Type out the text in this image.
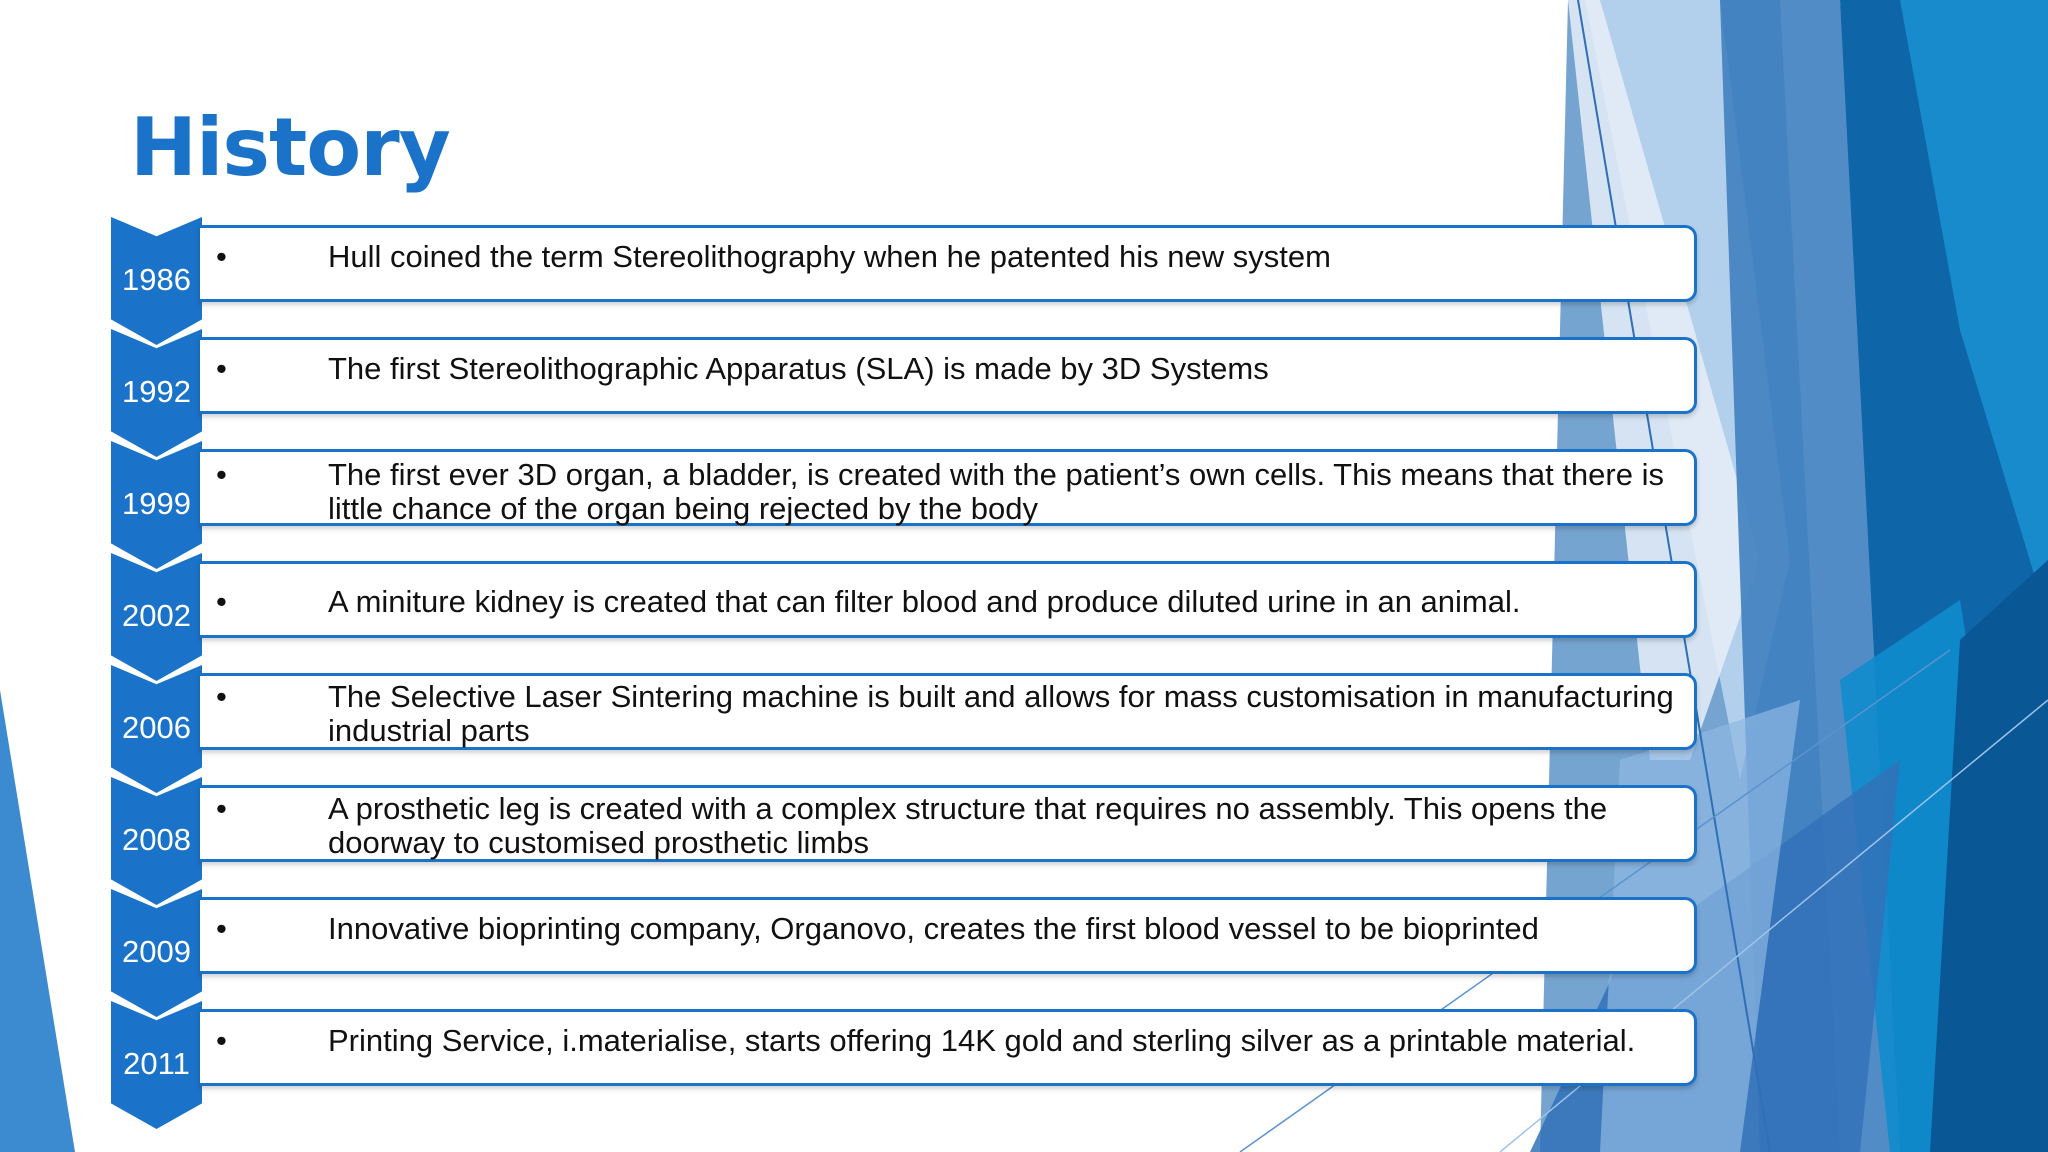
History
1986
•	Hull coined the term Stereolithography when he patented his new system
1992
•	The first Stereolithographic Apparatus (SLA) is made by 3D Systems
1999
•	The first ever 3D organ, a bladder, is created with the patient’s own cells. This means that there is little chance of the organ being rejected by the body
2002 •	A miniture kidney is created that can filter blood and produce diluted urine in an animal.
2006
•	The Selective Laser Sintering machine is built and allows for mass customisation in manufacturing industrial parts
2008
•	A prosthetic leg is created with a complex structure that requires no assembly. This opens the doorway to customised prosthetic limbs
2009
•	Innovative bioprinting company, Organovo, creates the first blood vessel to be bioprinted
2011
•	Printing Service, i.materialise, starts offering 14K gold and sterling silver as a printable material.
